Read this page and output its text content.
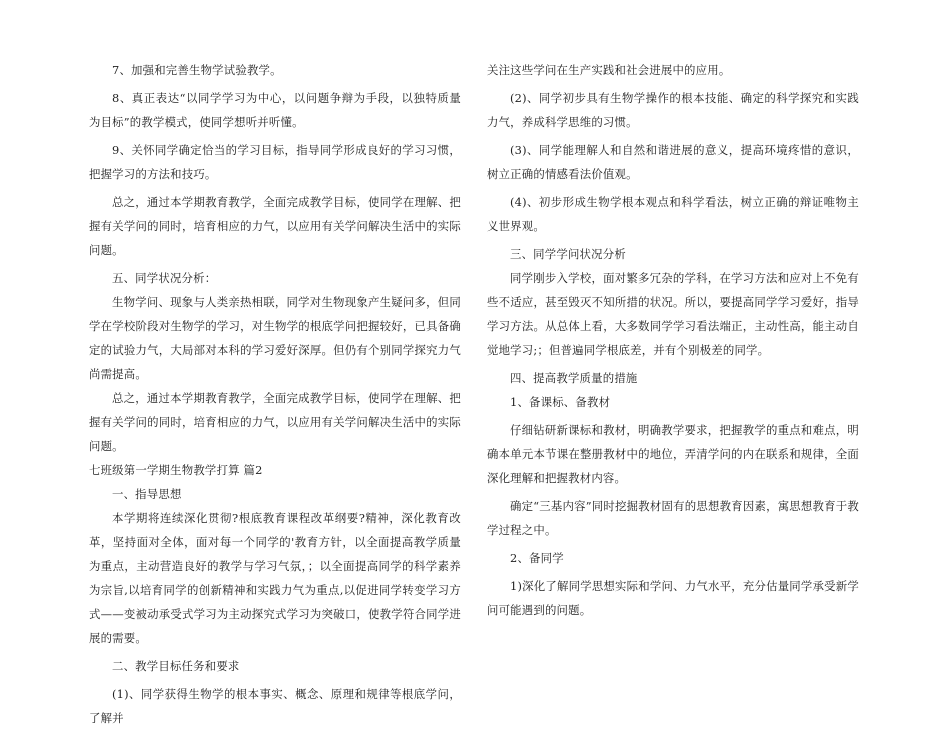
7、加强和完善生物学试验教学。

8、真正表达“以同学学习为中心，以问题争辩为手段，以独特质量为目标”的教学模式，使同学想听并听懂。

9、关怀同学确定恰当的学习目标，指导同学形成良好的学习习惯，把握学习的方法和技巧。

总之，通过本学期教育教学，全面完成教学目标，使同学在理解、把握有关学问的同时，培育相应的力气，以应用有关学问解决生活中的实际问题。

五、同学状况分析：

生物学问、现象与人类亲热相联，同学对生物现象产生疑问多，但同学在学校阶段对生物学的学习，对生物学的根底学问把握较好，已具备确定的试验力气，大局部对本科的学习爱好深厚。但仍有个别同学探究力气尚需提高。

总之，通过本学期教育教学，全面完成教学目标，使同学在理解、把握有关学问的同时，培育相应的力气，以应用有关学问解决生活中的实际问题。

七班级第一学期生物教学打算 篇2

一、指导思想

本学期将连续深化贯彻?根底教育课程改革纲要?精神，深化教育改革，坚持面对全体，面对每一个同学的'教育方针，以全面提高教学质量为重点，主动营造良好的教学与学习气氛，；以全面提高同学的科学素养为宗旨,以培育同学的创新精神和实践力气为重点,以促进同学转变学习方式——变被动承受式学习为主动探究式学习为突破口，使教学符合同学进展的需要。

二、教学目标任务和要求

(1)、同学获得生物学的根本事实、概念、原理和规律等根底学问，了解并

关注这些学问在生产实践和社会进展中的应用。

(2)、同学初步具有生物学操作的根本技能、确定的科学探究和实践力气，养成科学思维的习惯。

(3)、同学能理解人和自然和谐进展的意义，提高环境疼惜的意识，树立正确的情感看法价值观。

(4)、初步形成生物学根本观点和科学看法，树立正确的辩证唯物主义世界观。

三、同学学问状况分析

同学刚步入学校，面对繁多冗杂的学科，在学习方法和应对上不免有些不适应，甚至毁灭不知所措的状况。所以，要提高同学学习爱好，指导学习方法。从总体上看，大多数同学学习看法端正，主动性高，能主动自觉地学习;；但普遍同学根底差，并有个别极差的同学。

四、提高教学质量的措施

1、备课标、备教材

仔细钻研新课标和教材，明确教学要求，把握教学的重点和难点，明确本单元本节课在整册教材中的地位，弄清学问的内在联系和规律，全面深化理解和把握教材内容。

确定“三基内容”同时挖掘教材固有的思想教育因素，寓思想教育于教学过程之中。

2、备同学

1)深化了解同学思想实际和学问、力气水平，充分估量同学承受新学问可能遇到的问题。
